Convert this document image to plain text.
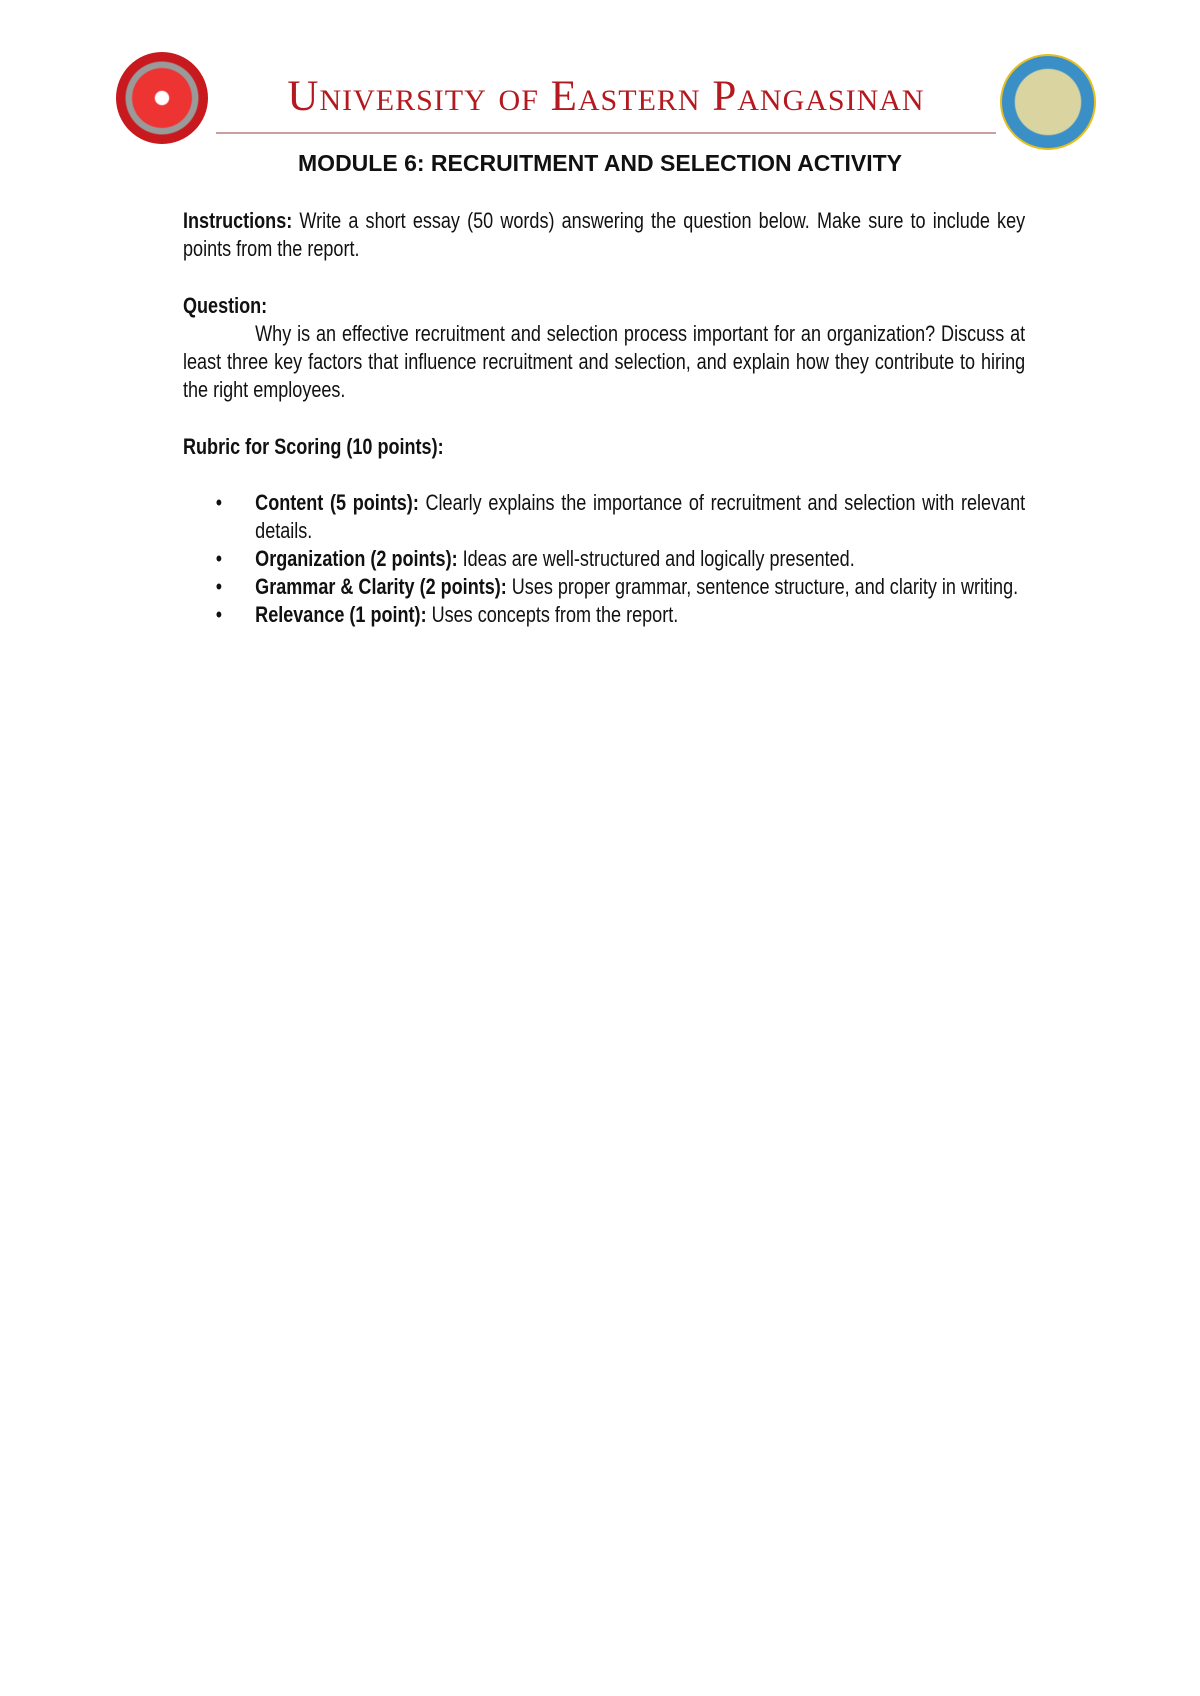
University of Eastern Pangasinan
MODULE 6: RECRUITMENT AND SELECTION ACTIVITY

Instructions: Write a short essay (50 words) answering the question below. Make sure to include key points from the report.

Question:

Why is an effective recruitment and selection process important for an organization? Discuss at least three key factors that influence recruitment and selection, and explain how they contribute to hiring the right employees.

Rubric for Scoring (10 points):

• Content (5 points): Clearly explains the importance of recruitment and selection with relevant details.
• Organization (2 points): Ideas are well-structured and logically presented.
• Grammar & Clarity (2 points): Uses proper grammar, sentence structure, and clarity in writing.
• Relevance (1 point): Uses concepts from the report.
